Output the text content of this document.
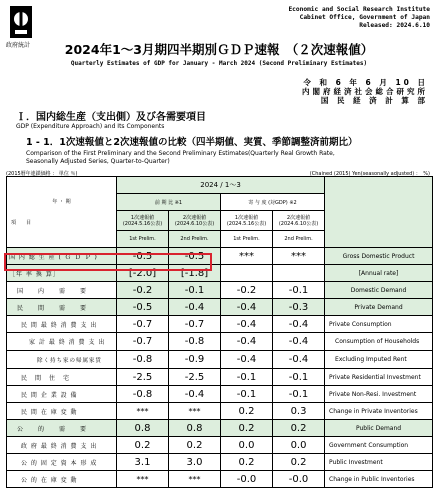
政府統計
Economic and Social Research Institute
Cabinet Office, Government of Japan
Released: 2024.6.10
2024年1～3月期四半期別ＧＤＰ速報　（２次速報値）
Quarterly Estimates of GDP for January - March 2024 (Second Preliminary Estimates)
令 和 6 年 6 月 10 日
内閣府経済社会総合研究所
国 民 経 済 計 算 部
Ｉ．国内総生産（支出側）及び各需要項目
GDP (Expenditure Approach) and Its Components
1 - 1．1次速報値と2次速報値の比較（四半期値、実質、季節調整済前期比）
Comparison of the First Preliminary and the Second Preliminary Estimates(Quarterly Real Growth Rate,
Seasonally Adjusted Series, Quarter-to-Quarter)
(2015暦年連鎖価格 ： 単位 ％)	(Chained (2015) Yen(seasonally adjusted) ：　%)
年 ・ 期
項　　目	2024 / 1～3				
	前 期 比 ※1		寄 与 度 (対GDP) ※2		
	1次速報値 (2024.5.16公表)	2次速報値 (2024.6.10公表)	1次速報値 (2024.5.16公表)	2次速報値 (2024.6.10公表)	
	1st Prelim.	2nd Prelim.	1st Prelim.	2nd Prelim.	
国 内 総 生 産 ( Ｇ Ｄ Ｐ )	-0.5	-0.5	***	***	Gross Domestic Product
［年 率 換 算］	[-2.0]	[-1.8]			[Annual rate]
国　　内　　需　　要	-0.2	-0.1	-0.2	-0.1	Domestic Demand
民　　間　　需　　要	-0.5	-0.4	-0.4	-0.3	Private Demand
民 間 最 終 消 費 支 出	-0.7	-0.7	-0.4	-0.4	Private Consumption
家 計 最 終 消 費 支 出	-0.7	-0.8	-0.4	-0.4	Consumption of Households
除く持ち家の帰属家賃	-0.8	-0.9	-0.4	-0.4	Excluding Imputed Rent
民　間　住　宅	-2.5	-2.5	-0.1	-0.1	Private Residential Investment
民 間 企 業 設 備	-0.8	-0.4	-0.1	-0.1	Private Non-Resi. Investment
民 間 在 庫 変 動	***	***	0.2	0.3	Change in Private Inventories
公　　的　　需　　要	0.8	0.8	0.2	0.2	Public Demand
政 府 最 終 消 費 支 出	0.2	0.2	0.0	0.0	Government Consumption
公 的 固 定 資 本 形 成	3.1	3.0	0.2	0.2	Public Investment
公 的 在 庫 変 動	***	***	-0.0	-0.0	Change in Public Inventories
